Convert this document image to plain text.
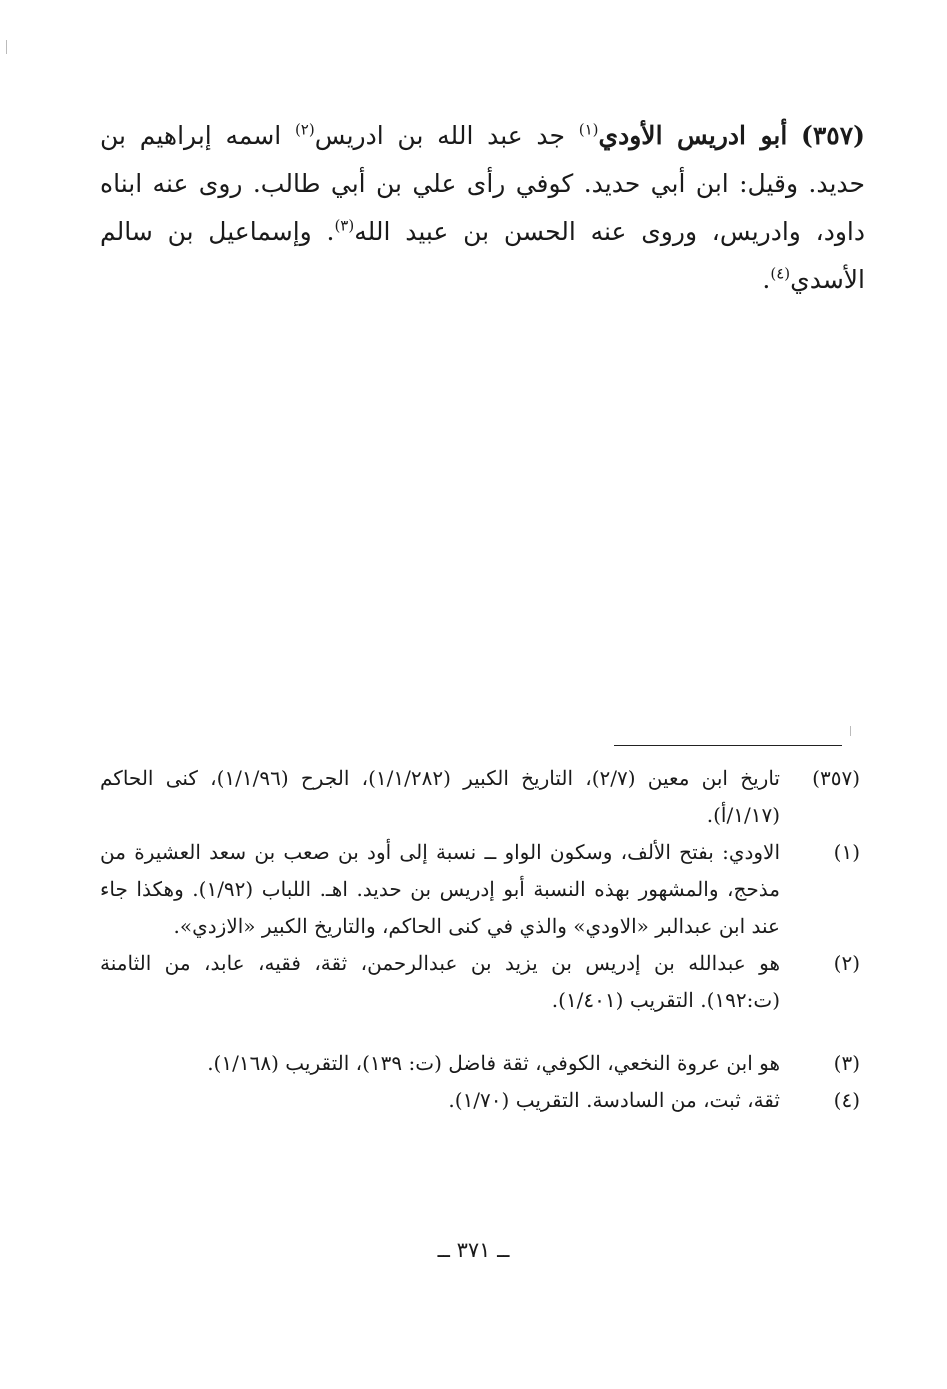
(٣٥٧) أبو ادريس الأودي$^{(١)}$ جد عبد الله بن ادريس$^{(٢)}$ اسمه إبراهيم بن حديد. وقيل: ابن أبي حديد. كوفي رأى علي بن أبي طالب. روى عنه ابناه داود، وادريس، وروى عنه الحسن بن عبيد الله$^{(٣)}$. وإسماعيل بن سالم الأسدي$^{(٤)}$.

(٣٥٧)
تاريخ ابن معين (٢/٧)، التاريخ الكبير (١/١/٢٨٢)، الجرح (١/١/٩٦)، كنى الحاكم (١/١٧/أ).
(١)
الاودي: بفتح الألف، وسكون الواو ــ نسبة إلى أود بن صعب بن سعد العشيرة من مذحج، والمشهور بهذه النسبة أبو إدريس بن حديد. اهـ. اللباب (١/٩٢). وهكذا جاء عند ابن عبدالبر «الاودي» والذي في كنى الحاكم، والتاريخ الكبير «الازدي».
(٢)
هو عبدالله بن إدريس بن يزيد بن عبدالرحمن، ثقة، فقيه، عابد، من الثامنة (ت:١٩٢). التقريب (١/٤٠١).
(٣)
هو ابن عروة النخعي، الكوفي، ثقة فاضل (ت: ١٣٩)، التقريب (١/١٦٨).
(٤)
ثقة، ثبت، من السادسة. التقريب (١/٧٠).
ــ ٣٧١ ــ
